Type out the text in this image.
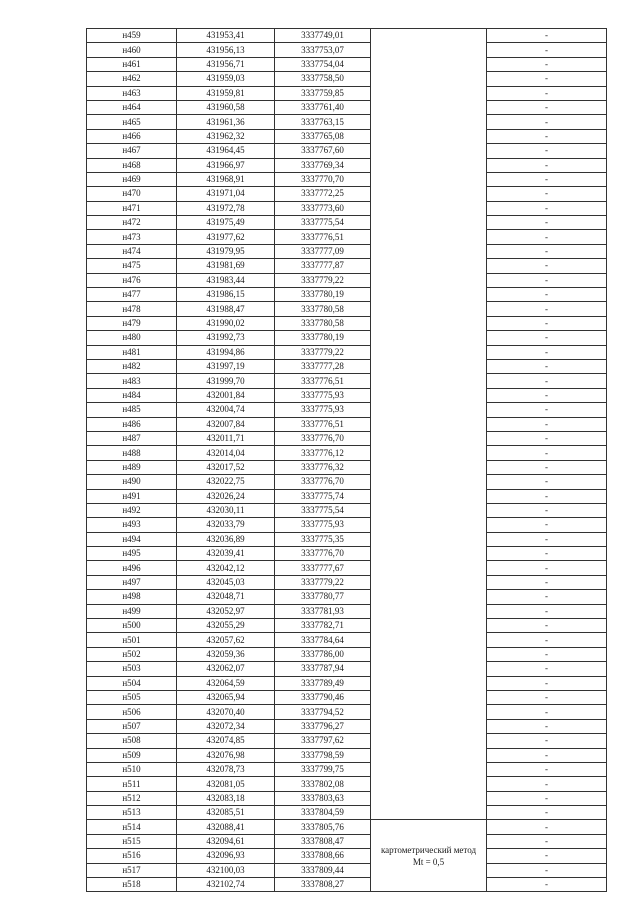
н459	431953,41	3337749,01		-
н460	431956,13	3337753,07		-
н461	431956,71	3337754,04		-
н462	431959,03	3337758,50		-
н463	431959,81	3337759,85		-
н464	431960,58	3337761,40		-
н465	431961,36	3337763,15		-
н466	431962,32	3337765,08		-
н467	431964,45	3337767,60		-
н468	431966,97	3337769,34		-
н469	431968,91	3337770,70		-
н470	431971,04	3337772,25		-
н471	431972,78	3337773,60		-
н472	431975,49	3337775,54		-
н473	431977,62	3337776,51		-
н474	431979,95	3337777,09		-
н475	431981,69	3337777,87		-
н476	431983,44	3337779,22		-
н477	431986,15	3337780,19		-
н478	431988,47	3337780,58		-
н479	431990,02	3337780,58		-
н480	431992,73	3337780,19		-
н481	431994,86	3337779,22		-
н482	431997,19	3337777,28		-
н483	431999,70	3337776,51		-
н484	432001,84	3337775,93		-
н485	432004,74	3337775,93		-
н486	432007,84	3337776,51		-
н487	432011,71	3337776,70		-
н488	432014,04	3337776,12		-
н489	432017,52	3337776,32		-
н490	432022,75	3337776,70		-
н491	432026,24	3337775,74		-
н492	432030,11	3337775,54		-
н493	432033,79	3337775,93		-
н494	432036,89	3337775,35		-
н495	432039,41	3337776,70		-
н496	432042,12	3337777,67		-
н497	432045,03	3337779,22		-
н498	432048,71	3337780,77		-
н499	432052,97	3337781,93		-
н500	432055,29	3337782,71		-
н501	432057,62	3337784,64		-
н502	432059,36	3337786,00		-
н503	432062,07	3337787,94		-
н504	432064,59	3337789,49		-
н505	432065,94	3337790,46		-
н506	432070,40	3337794,52		-
н507	432072,34	3337796,27		-
н508	432074,85	3337797,62		-
н509	432076,98	3337798,59		-
н510	432078,73	3337799,75		-
н511	432081,05	3337802,08		-
н512	432083,18	3337803,63		-
н513	432085,51	3337804,59		-
н514	432088,41	3337805,76	картометрический метод Mt = 0,5	-
н515	432094,61	3337808,47		-
н516	432096,93	3337808,66		-
н517	432100,03	3337809,44		-
н518	432102,74	3337808,27		-
